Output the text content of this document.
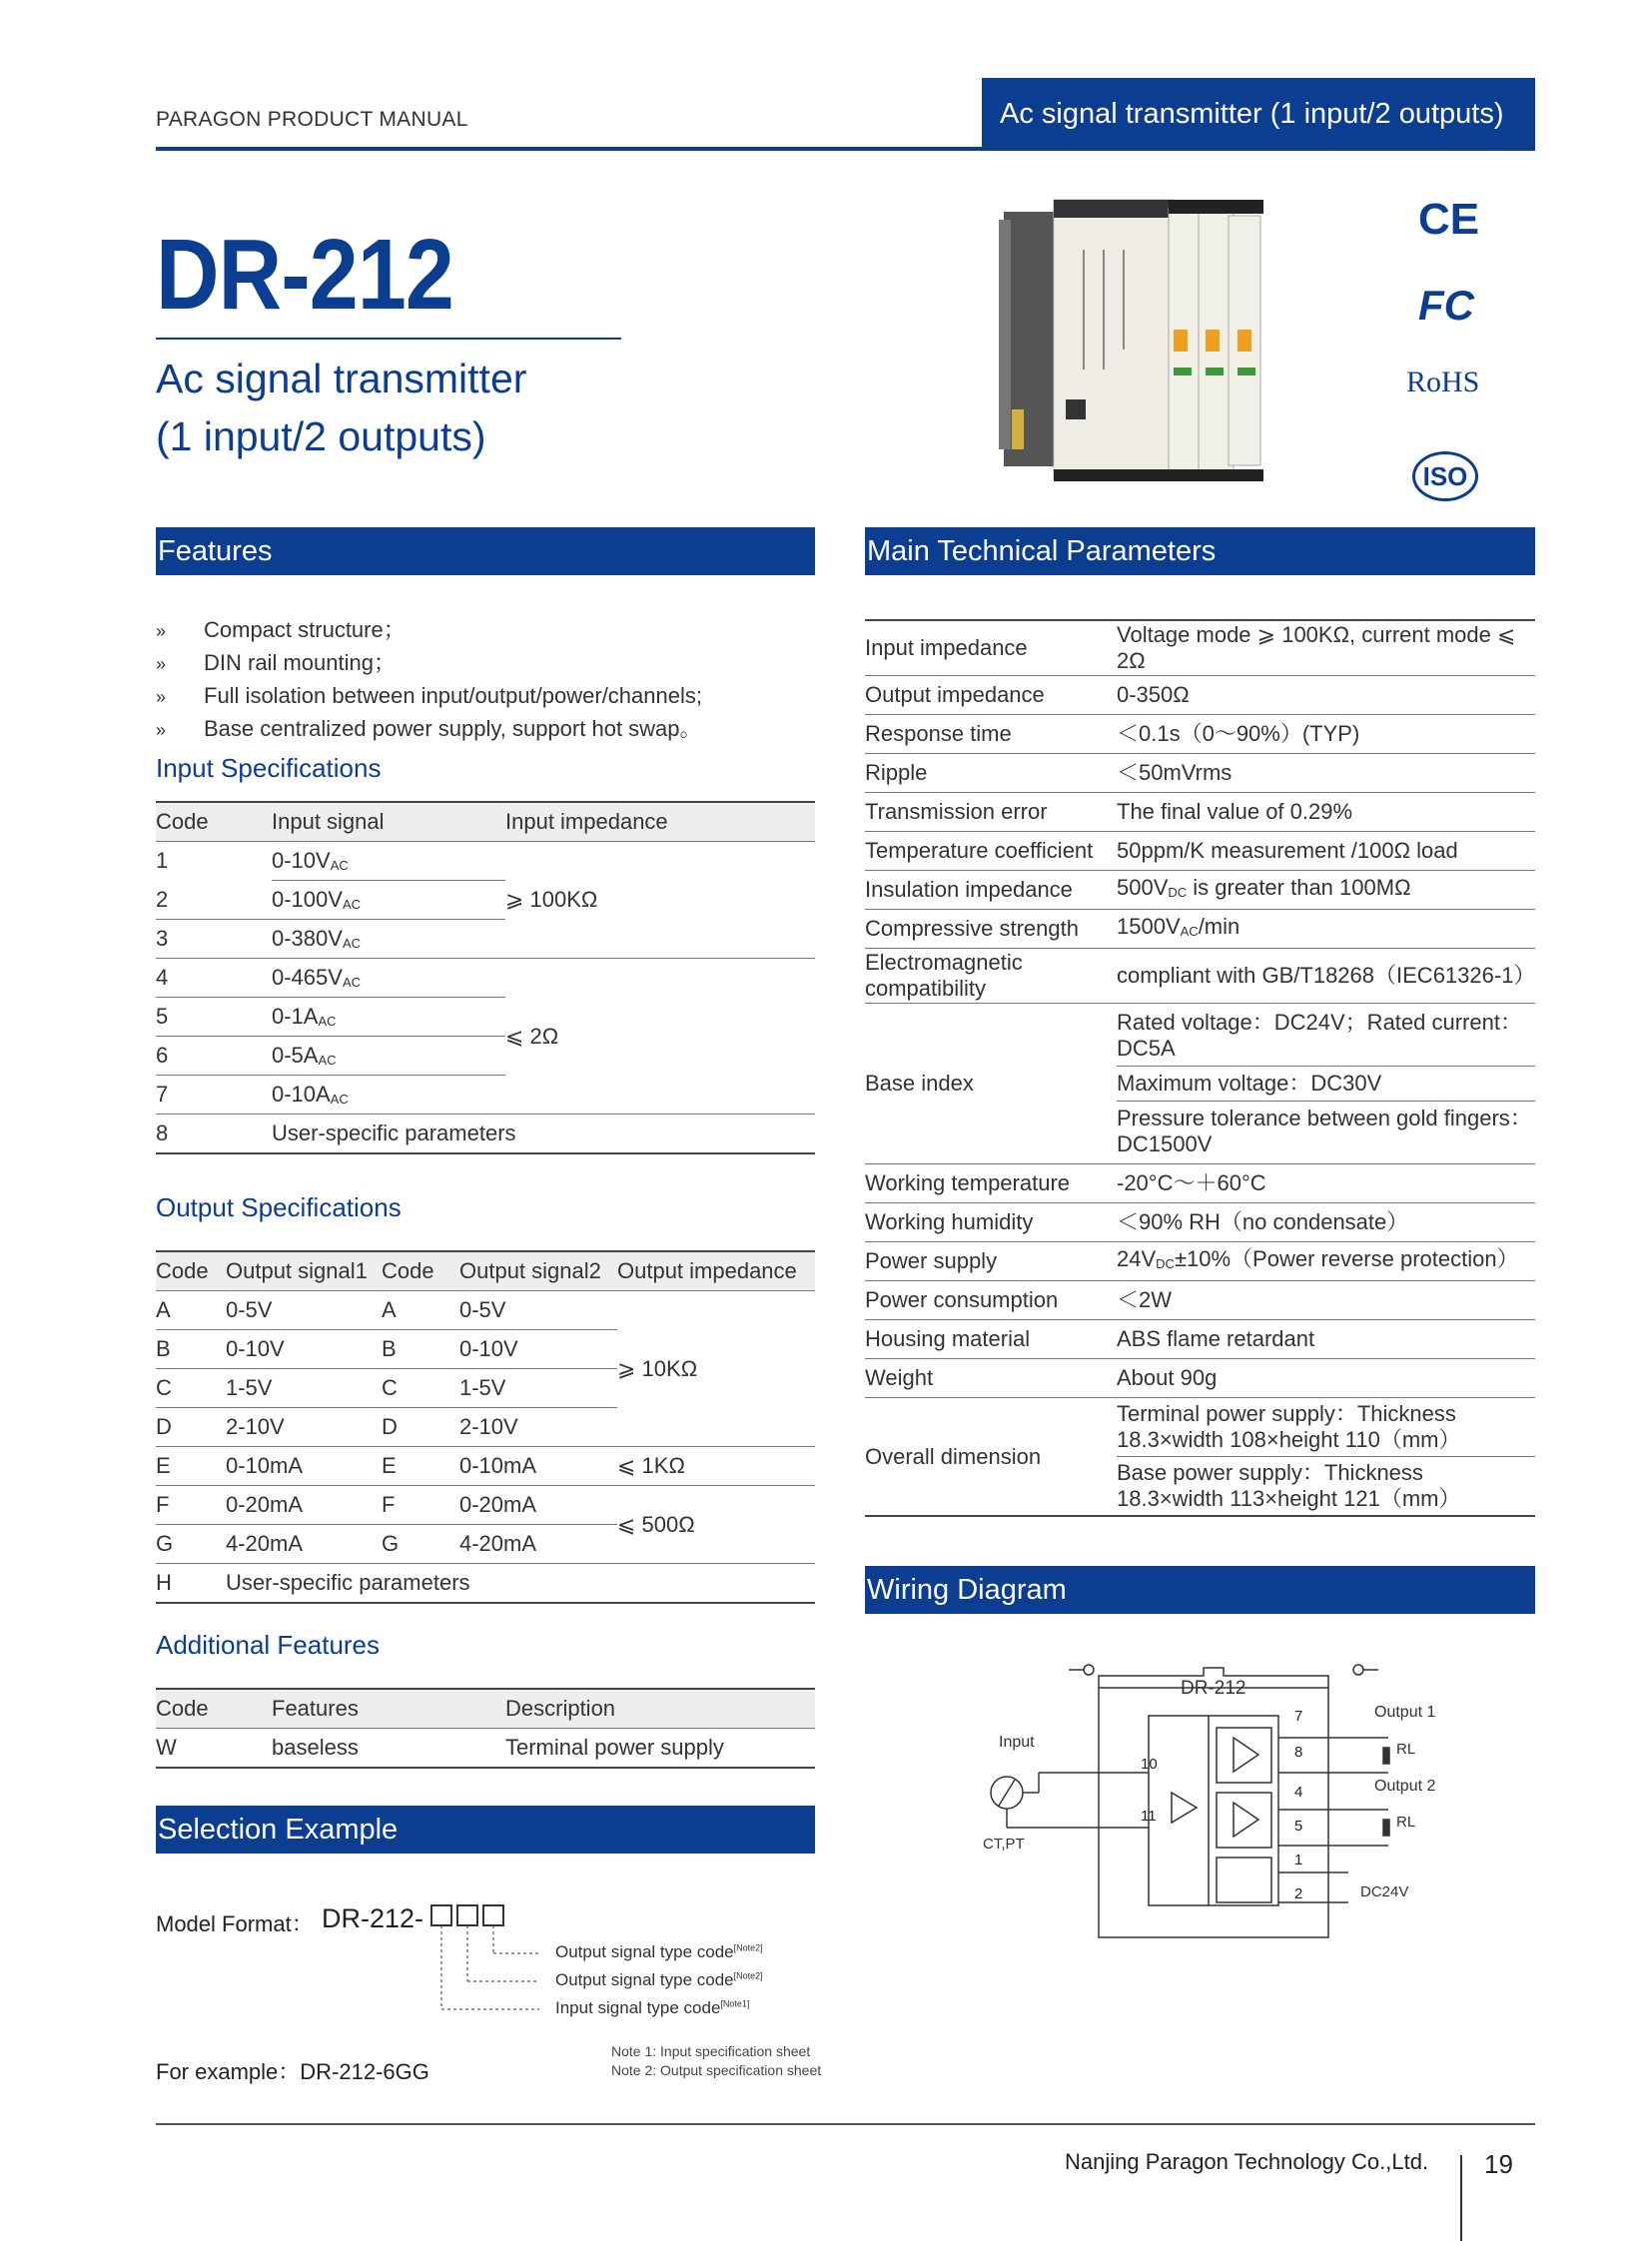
PARAGON PRODUCT MANUAL	Ac signal transmitter (1 input/2 outputs)
DR-212
Ac signal transmitter
(1 input/2 outputs)
CE
FC
RoHS
ISO
Features
» Compact structure；
» DIN rail mounting；
» Full isolation between input/output/power/channels;
» Base centralized power supply, support hot swap。
Input Specifications
Code	Input signal	Input impedance
1	$0-10V_{AC}$	⩾ 100KΩ
2	$0-100V_{AC}$
3	$0-380V_{AC}$
4	$0-465V_{AC}$	⩽ 2Ω
5	$0-1A_{AC}$
6	$0-5A_{AC}$
7	$0-10A_{AC}$
8	User-specific parameters	
Output Specifications
Code	Output signal1	Code	Output signal2	Output impedance
A	0-5V	A	0-5V	⩾ 10KΩ
B	0-10V	B	0-10V	
C	1-5V	C	1-5V	
D	2-10V	D	2-10V	
E	0-10mA	E	0-10mA	⩽ 1KΩ
F	0-20mA	F	0-20mA	⩽ 500Ω
G	4-20mA	G	4-20mA	
H	User-specific parameters			
Additional Features
Code	Features	Description
W	baseless	Terminal power supply
Selection Example
Model Format： DR-212-
Output signal type code[Note2]
Output signal type code[Note2]
Input signal type code[Note1]
For example：DR-212-6GG
Note 1: Input specification sheet
Note 2: Output specification sheet
Main Technical Parameters
Input impedance	Voltage mode ⩾ 100KΩ, current mode ⩽ 2Ω
Output impedance	0-350Ω
Response time	＜0.1s（0～90%）(TYP)
Ripple	＜50mVrms
Transmission error	The final value of 0.29%
Temperature coefficient	50ppm/K measurement /100Ω load
Insulation impedance	$500V_{DC}$ is greater than 100MΩ
Compressive strength	$1500V_{AC}/\min$
Electromagnetic compatibility	compliant with GB/T18268（IEC61326-1）
Base index	Rated voltage：DC24V；Rated current：DC5A
Maximum voltage：DC30V
Pressure tolerance between gold fingers：DC1500V

Working temperature	-20°C～＋60°C
Working humidity	＜90% RH（no condensate）
Power supply	$24V_{DC}\pm 10\%(Power$ reverse protection）
Power consumption	＜2W
Housing material	ABS flame retardant
Weight	About 90g
Overall dimension	Terminal power supply：Thickness 18.3×width 108×height 110（mm）
Base power supply：Thickness 18.3×width 113×height 121（mm）
Wiring Diagram
DR-212
Input
CT,PT
Output 1
Output 2
RL
RL
DC24V
7
8
10
11
4
5
1
2
Nanjing Paragon Technology Co.,Ltd. 19
